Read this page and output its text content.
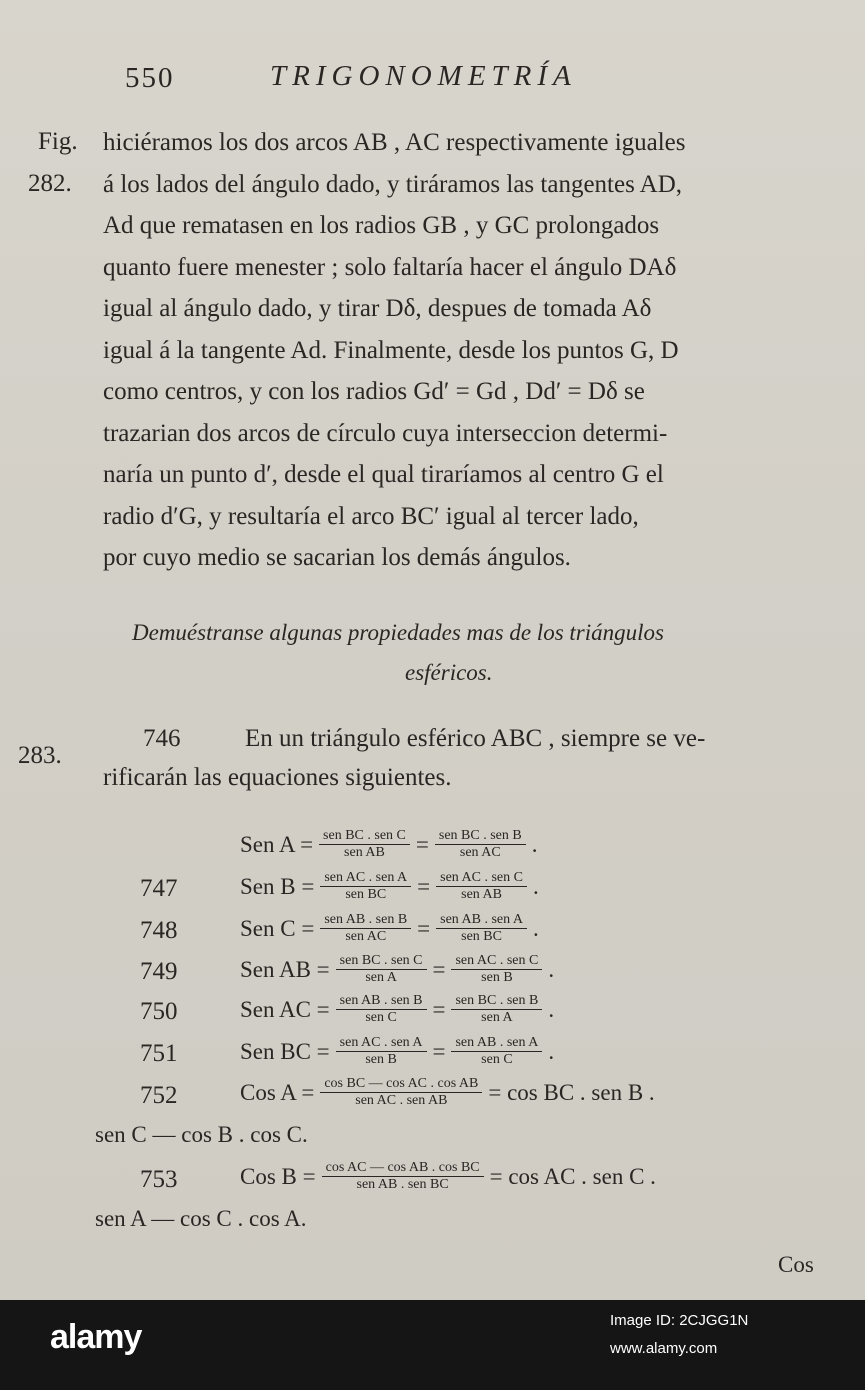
550	TRIGONOMETRÍA
Fig.
282.
hiciéramos los dos arcos AB , AC respectivamente iguales
á los lados del ángulo dado, y tiráramos las tangentes AD,
Ad que rematasen en los radios GB , y GC prolongados
quanto fuere menester ; solo faltaría hacer el ángulo DAδ
igual al ángulo dado, y tirar Dδ, despues de tomada Aδ
igual á la tangente Ad. Finalmente, desde los puntos G, D
como centros, y con los radios Gd′ = Gd , Dd′ = Dδ se
trazarian dos arcos de círculo cuya interseccion determi-
naría un punto d′, desde el qual tiraríamos al centro G el
radio d′G, y resultaría el arco BC′ igual al tercer lado,
por cuyo medio se sacarian los demás ángulos.
Demuéstranse algunas propiedades mas de los triángulos
esféricos.
283.
746	En un triángulo esférico ABC , siempre se ve-
rificarán las equaciones siguientes.
Sen $A = \frac{\text{sen BC . sen C}}{\text{sen AB}} = \frac{\text{sen BC . sen B}}{\text{sen AC}}$ .
747	Sen $B = \frac{\text{sen AC . sen A}}{\text{sen BC}} = \frac{\text{sen AC . sen C}}{\text{sen AB}}$ .
748	Sen $C = \frac{\text{sen AB . sen B}}{\text{sen AC}} = \frac{\text{sen AB . sen A}}{\text{sen BC}}$ .
749	Sen AB = $\frac{\text{sen BC . sen C}}{\text{sen A}} = \frac{\text{sen AC . sen C}}{\text{sen B}}$ .
750	Sen AC = $\frac{\text{sen AB . sen B}}{\text{sen C}} = \frac{\text{sen BC . sen B}}{\text{sen A}}$ .
751	Sen BC = $\frac{\text{sen AC . sen A}}{\text{sen B}} = \frac{\text{sen AB . sen A}}{\text{sen C}}$ .
752	Cos $A = \frac{\text{cos BC — cos AC . cos AB}}{\text{sen AC . sen AB}} = \cos$ BC . sen B .
sen C — cos B . cos C.
753	Cos $B = \frac{\text{cos AC — cos AB . cos BC}}{\text{sen AB . sen BC}} = \cos$ AC . sen C .
sen A — cos C . cos A.
Cos
alamy	Image ID: 2CJGG1N
www.alamy.com
